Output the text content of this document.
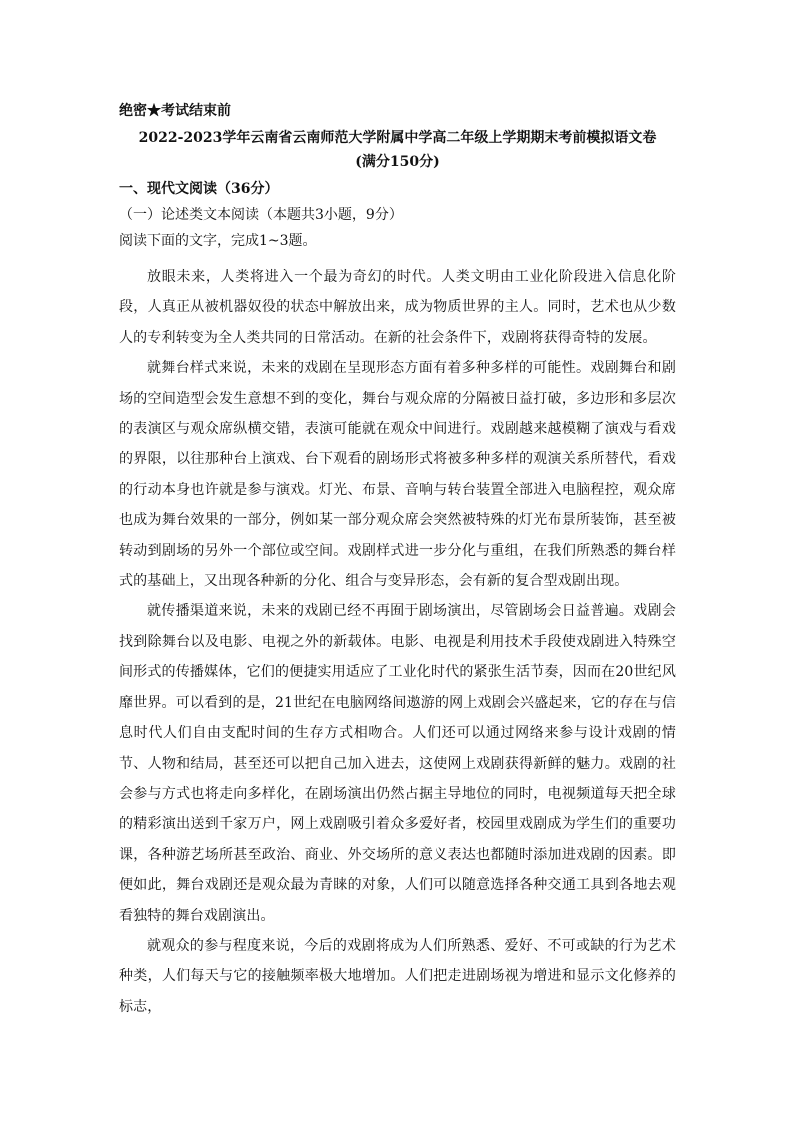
绝密★考试结束前
2022-2023学年云南省云南师范大学附属中学高二年级上学期期末考前模拟语文卷
(满分150分)
一、现代文阅读（36分）
（一）论述类文本阅读（本题共3小题，9分）
阅读下面的文字，完成1~3题。

放眼未来，人类将进入一个最为奇幻的时代。人类文明由工业化阶段进入信息化阶段，人真正从被机器奴役的状态中解放出来，成为物质世界的主人。同时，艺术也从少数人的专利转变为全人类共同的日常活动。在新的社会条件下，戏剧将获得奇特的发展。

就舞台样式来说，未来的戏剧在呈现形态方面有着多种多样的可能性。戏剧舞台和剧场的空间造型会发生意想不到的变化，舞台与观众席的分隔被日益打破，多边形和多层次的表演区与观众席纵横交错，表演可能就在观众中间进行。戏剧越来越模糊了演戏与看戏的界限，以往那种台上演戏、台下观看的剧场形式将被多种多样的观演关系所替代，看戏的行动本身也许就是参与演戏。灯光、布景、音响与转台装置全部进入电脑程控，观众席也成为舞台效果的一部分，例如某一部分观众席会突然被特殊的灯光布景所装饰，甚至被转动到剧场的另外一个部位或空间。戏剧样式进一步分化与重组，在我们所熟悉的舞台样式的基础上，又出现各种新的分化、组合与变异形态，会有新的复合型戏剧出现。

就传播渠道来说，未来的戏剧已经不再囿于剧场演出，尽管剧场会日益普遍。戏剧会找到除舞台以及电影、电视之外的新载体。电影、电视是利用技术手段使戏剧进入特殊空间形式的传播媒体，它们的便捷实用适应了工业化时代的紧张生活节奏，因而在20世纪风靡世界。可以看到的是，21世纪在电脑网络间遨游的网上戏剧会兴盛起来，它的存在与信息时代人们自由支配时间的生存方式相吻合。人们还可以通过网络来参与设计戏剧的情节、人物和结局，甚至还可以把自己加入进去，这使网上戏剧获得新鲜的魅力。戏剧的社会参与方式也将走向多样化，在剧场演出仍然占据主导地位的同时，电视频道每天把全球的精彩演出送到千家万户，网上戏剧吸引着众多爱好者，校园里戏剧成为学生们的重要功课，各种游艺场所甚至政治、商业、外交场所的意义表达也都随时添加进戏剧的因素。即便如此，舞台戏剧还是观众最为青睐的对象，人们可以随意选择各种交通工具到各地去观看独特的舞台戏剧演出。

就观众的参与程度来说，今后的戏剧将成为人们所熟悉、爱好、不可或缺的行为艺术种类，人们每天与它的接触频率极大地增加。人们把走进剧场视为增进和显示文化修养的标志，
